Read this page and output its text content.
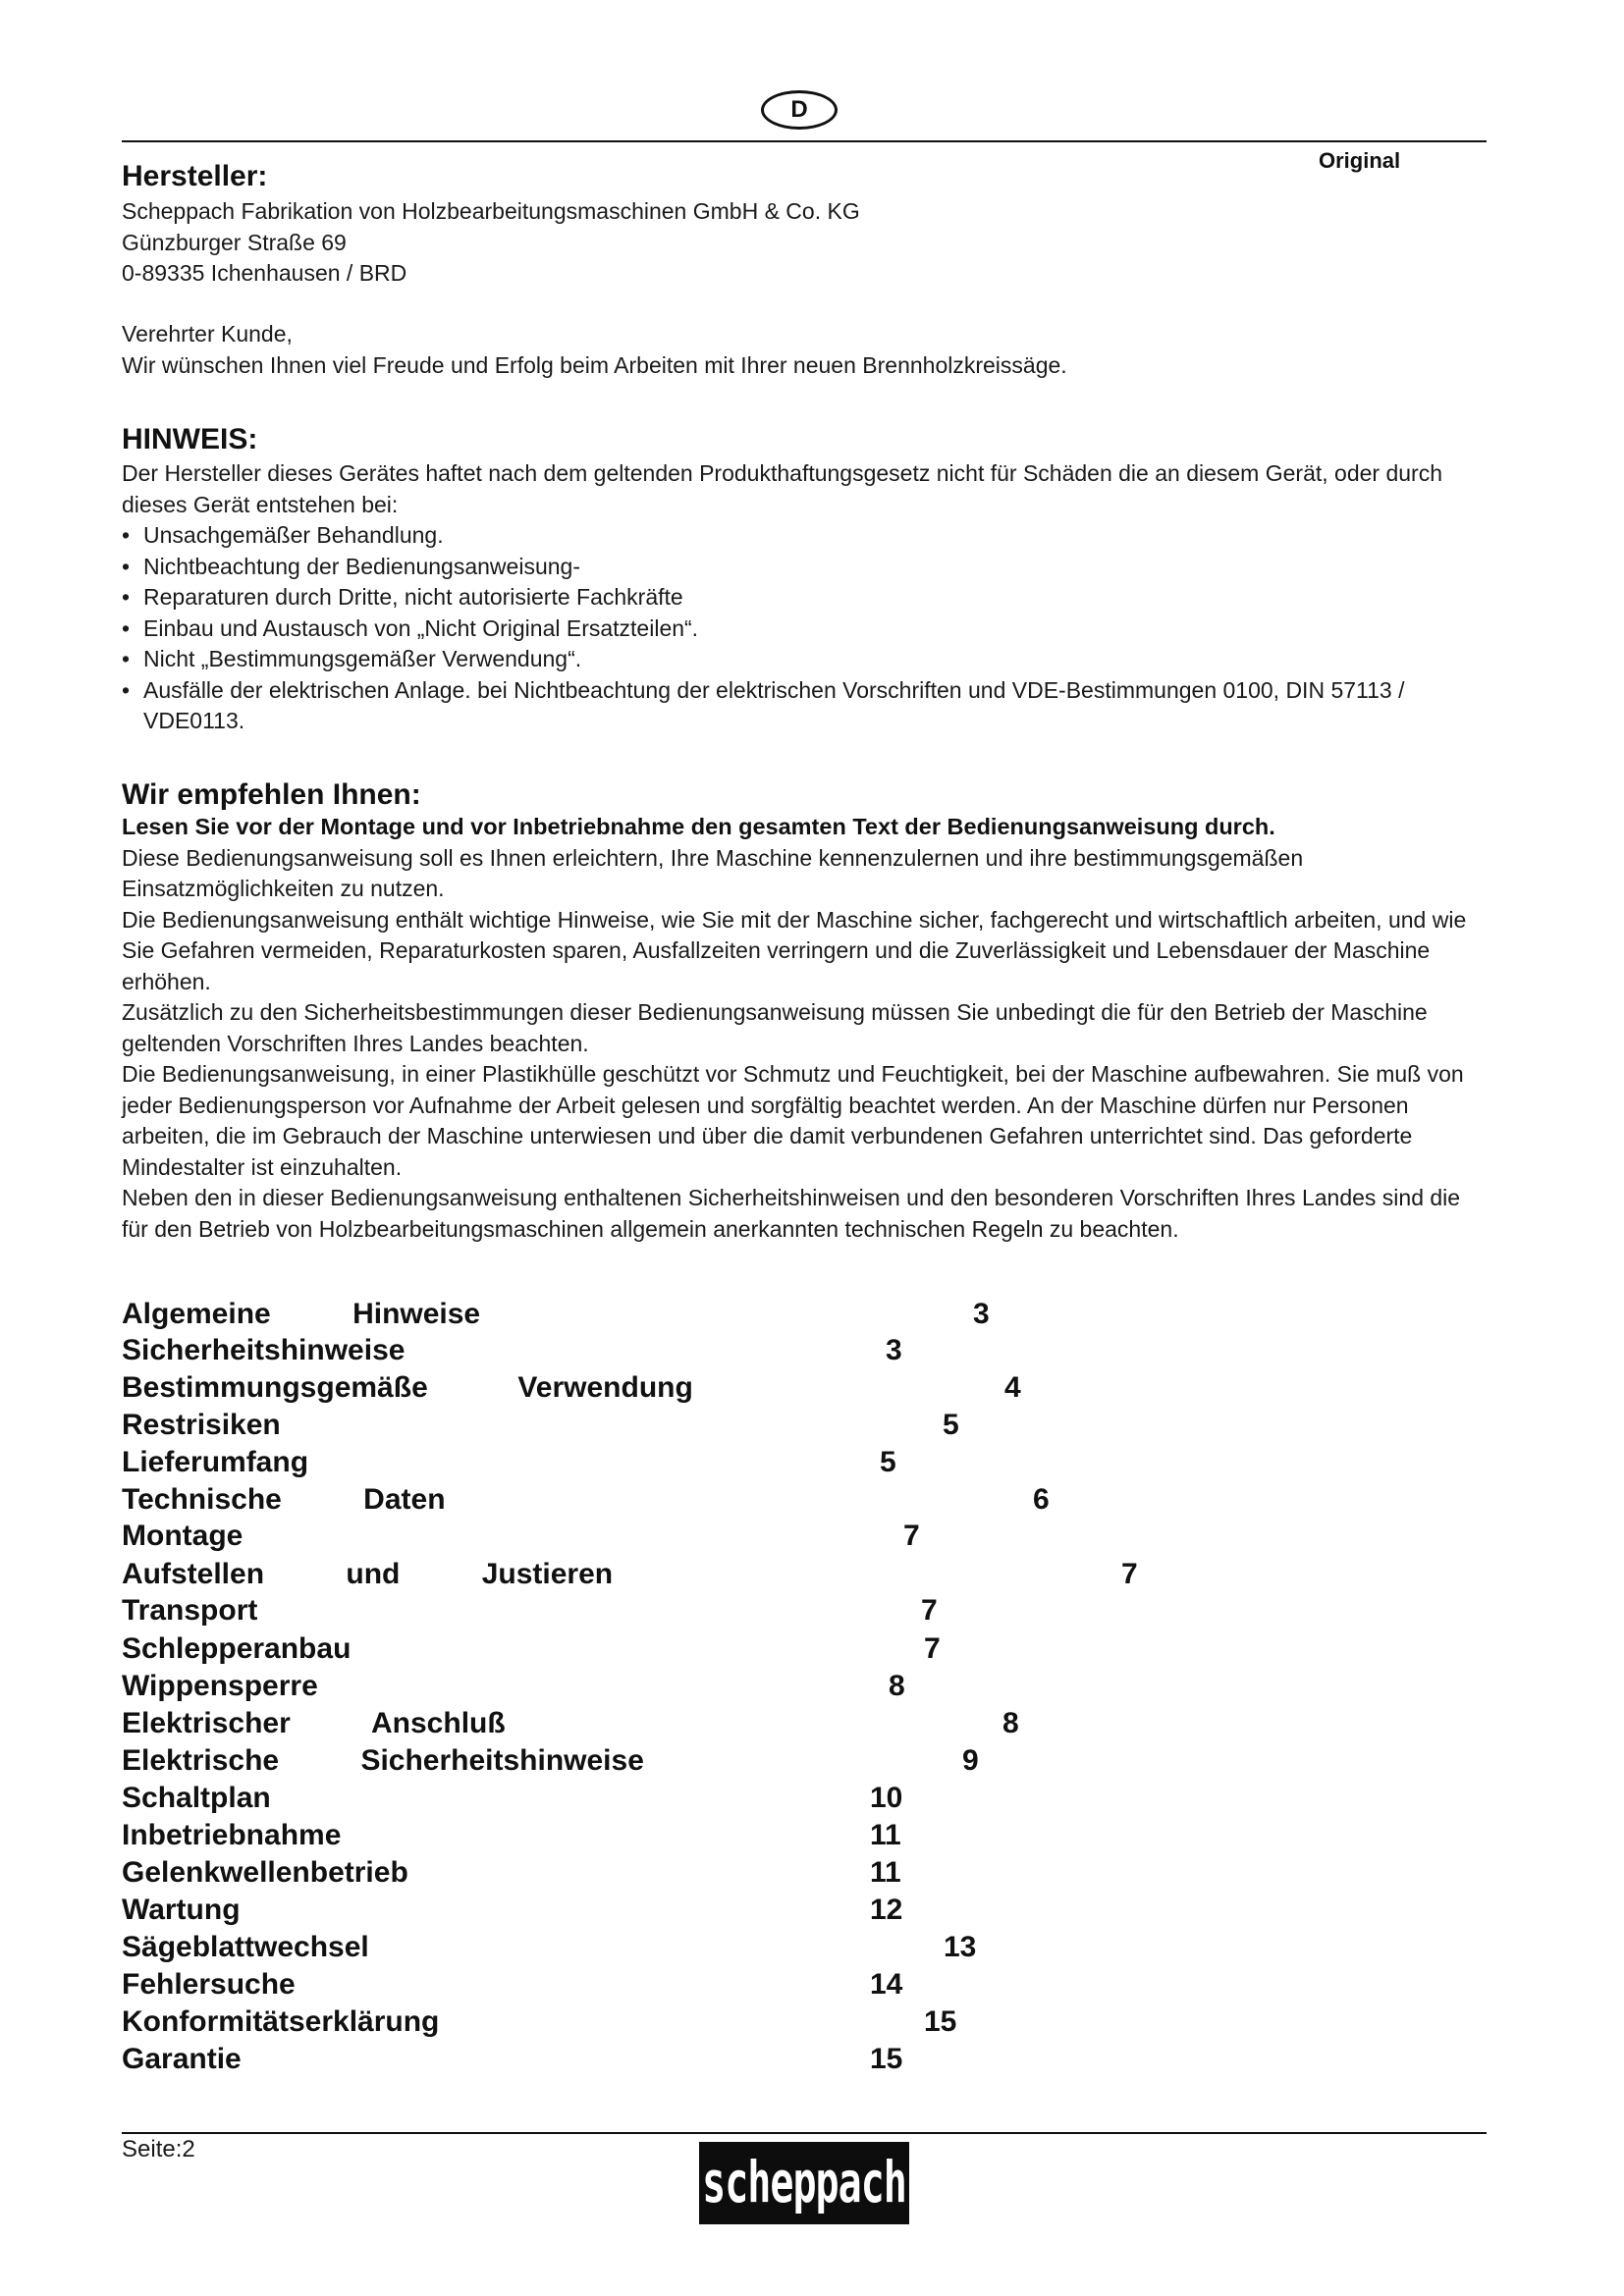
D
Original
Hersteller:
Scheppach Fabrikation von Holzbearbeitungsmaschinen GmbH & Co. KG
Günzburger Straße 69
0-89335 Ichenhausen / BRD
Verehrter Kunde,
Wir wünschen Ihnen viel Freude und Erfolg beim Arbeiten mit Ihrer neuen Brennholzkreissäge.
HINWEIS:
Der Hersteller dieses Gerätes haftet nach dem geltenden Produkthaftungsgesetz nicht für Schäden die an diesem Gerät, oder durch dieses Gerät entstehen bei:
• Unsachgemäßer Behandlung.
• Nichtbeachtung der Bedienungsanweisung-
• Reparaturen durch Dritte, nicht autorisierte Fachkräfte
• Einbau und Austausch von „Nicht Original Ersatzteilen“.
• Nicht „Bestimmungsgemäßer Verwendung“.
• Ausfälle der elektrischen Anlage. bei Nichtbeachtung der elektrischen Vorschriften und VDE-Bestimmungen 0100, DIN 57113 / VDE0113.
Wir empfehlen Ihnen:
Lesen Sie vor der Montage und vor Inbetriebnahme den gesamten Text der Bedienungsanweisung durch.
Diese Bedienungsanweisung soll es Ihnen erleichtern, Ihre Maschine kennenzulernen und ihre bestimmungsgemäßen Einsatzmöglichkeiten zu nutzen.
Die Bedienungsanweisung enthält wichtige Hinweise, wie Sie mit der Maschine sicher, fachgerecht und wirtschaftlich arbeiten, und wie Sie Gefahren vermeiden, Reparaturkosten sparen, Ausfallzeiten verringern und die Zuverlässigkeit und Lebensdauer der Maschine erhöhen.
Zusätzlich zu den Sicherheitsbestimmungen dieser Bedienungsanweisung müssen Sie unbedingt die für den Betrieb der Maschine geltenden Vorschriften Ihres Landes beachten.
Die Bedienungsanweisung, in einer Plastikhülle geschützt vor Schmutz und Feuchtigkeit, bei der Maschine aufbewahren. Sie muß von jeder Bedienungsperson vor Aufnahme der Arbeit gelesen und sorgfältig beachtet werden. An der Maschine dürfen nur Personen arbeiten, die im Gebrauch der Maschine unterwiesen und über die damit verbundenen Gefahren unterrichtet sind. Das geforderte Mindestalter ist einzuhalten.
Neben den in dieser Bedienungsanweisung enthaltenen Sicherheitshinweisen und den besonderen Vorschriften Ihres Landes sind die für den Betrieb von Holzbearbeitungsmaschinen allgemein anerkannten technischen Regeln zu beachten.
Algemeine          Hinweise	3
Sicherheitshinweise	3
Bestimmungsgemäße           Verwendung	4
Restrisiken	5
Lieferumfang	5
Technische          Daten	6
Montage	7
Aufstellen          und          Justieren	7
Transport	7
Schlepperanbau	7
Wippensperre	8
Elektrischer          Anschluß	8
Elektrische          Sicherheitshinweise	9
Schaltplan	10
Inbetriebnahme	11
Gelenkwellenbetrieb	11
Wartung	12
Sägeblattwechsel	13
Fehlersuche	14
Konformitätserklärung	15
Garantie	15
Seite:2
scheppach
